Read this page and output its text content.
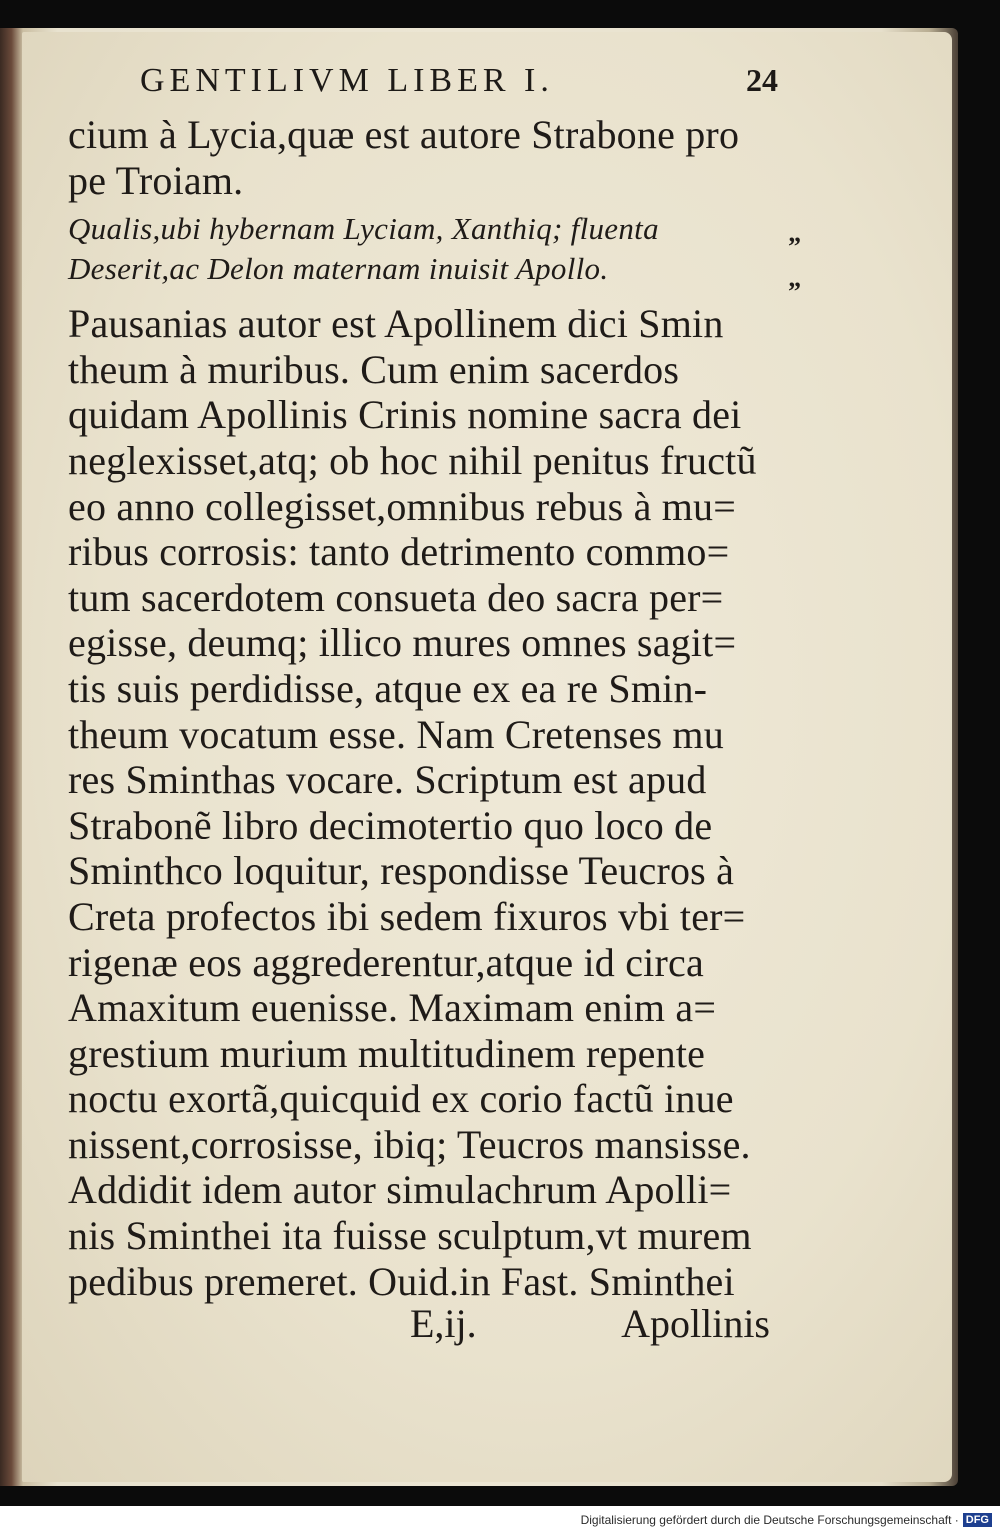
GENTILIVM LIBER I.	24
cium à Lycia,quæ est autore Strabone pro
pe Troiam.
Qualis,ubi hybernam Lyciam, Xanthiq; fluenta
Deserit,ac Delon maternam inuisit Apollo.
Pausanias autor est Apollinem dici Smin
theum à muribus. Cum enim sacerdos
quidam Apollinis Crinis nomine sacra dei
neglexisset,atq; ob hoc nihil penitus fructũ
eo anno collegisset,omnibus rebus à mu=
ribus corrosis: tanto detrimento commo=
tum sacerdotem consueta deo sacra per=
egisse, deumq; illico mures omnes sagit=
tis suis perdidisse, atque ex ea re Smin-
theum vocatum esse. Nam Cretenses mu
res Sminthas vocare. Scriptum est apud
Strabonẽ libro decimotertio quo loco de
Sminthco loquitur, respondisse Teucros à
Creta profectos ibi sedem fixuros vbi ter=
rigenæ eos aggrederentur,atque id circa
Amaxitum euenisse. Maximam enim a=
grestium murium multitudinem repente
noctu exortã,quicquid ex corio factũ inue
nissent,corrosisse, ibiq; Teucros mansisse.
Addidit idem autor simulachrum Apolli=
nis Sminthei ita fuisse sculptum,vt murem
pedibus premeret. Ouid.in Fast. Sminthei
”
”
E,ij.	Apollinis
Digitalisierung gefördert durch die Deutsche Forschungsgemeinschaft · DFG
